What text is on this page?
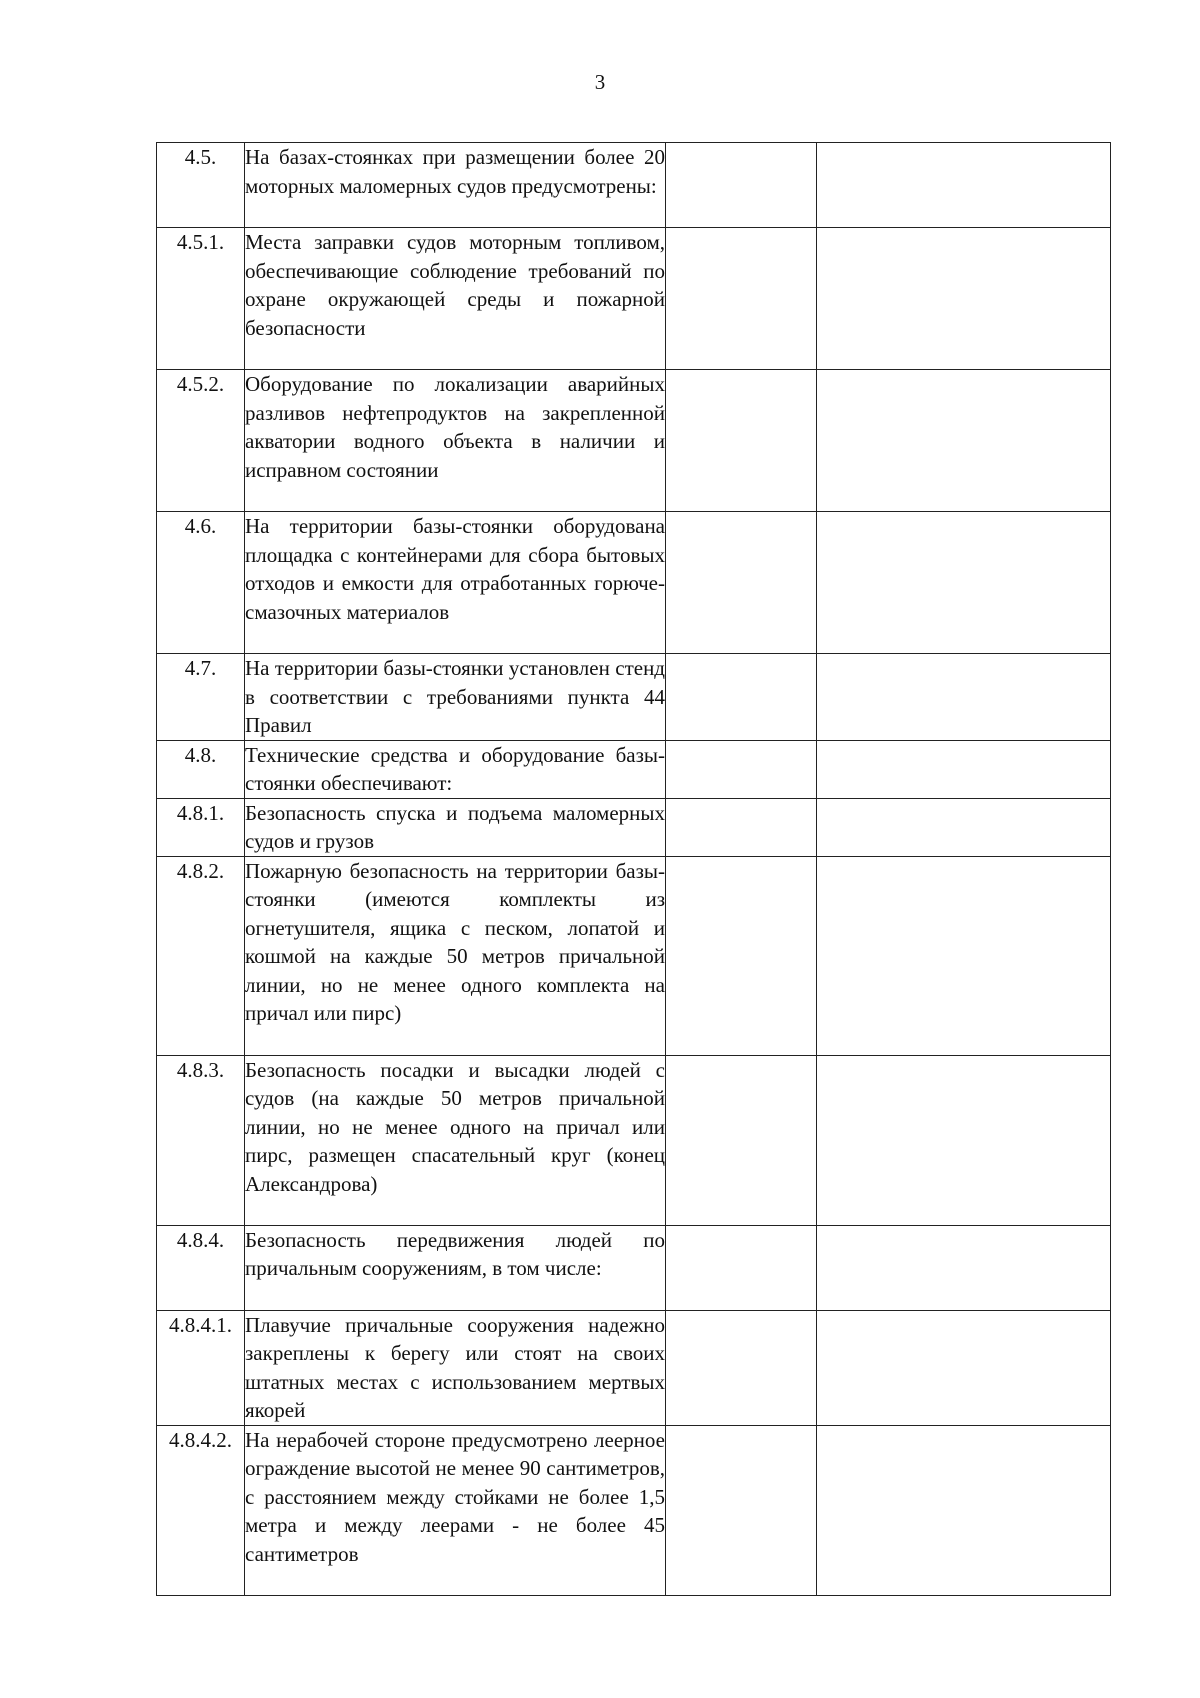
3
4.5.	На базах-стоянках при размещении более 20 моторных маломерных судов предусмотрены:		
4.5.1.	Места заправки судов моторным топливом, обеспечивающие соблюдение требований по охране окружающей среды и пожарной безопасности		
4.5.2.	Оборудование по локализации аварийных разливов нефтепродуктов на закрепленной акватории водного объекта в наличии и исправном состоянии		
4.6.	На территории базы-стоянки оборудована площадка с контейнерами для сбора бытовых отходов и емкости для отработанных горюче-смазочных материалов		
4.7.	На территории базы-стоянки установлен стенд в соответствии с требованиями пункта 44 Правил		
4.8.	Технические средства и оборудование базы-стоянки обеспечивают:		
4.8.1.	Безопасность спуска и подъема маломерных судов и грузов		
4.8.2.	Пожарную безопасность на территории базы-стоянки (имеются комплекты из огнетушителя, ящика с песком, лопатой и кошмой на каждые 50 метров причальной линии, но не менее одного комплекта на причал или пирс)		
4.8.3.	Безопасность посадки и высадки людей с судов (на каждые 50 метров причальной линии, но не менее одного на причал или пирс, размещен спасательный круг (конец Александрова)		
4.8.4.	Безопасность передвижения людей по причальным сооружениям, в том числе:		
4.8.4.1.	Плавучие причальные сооружения надежно закреплены к берегу или стоят на своих штатных местах с использованием мертвых якорей		
4.8.4.2.	На нерабочей стороне предусмотрено леерное ограждение высотой не менее 90 сантиметров, с расстоянием между стойками не более 1,5 метра и между леерами - не более 45 сантиметров		
